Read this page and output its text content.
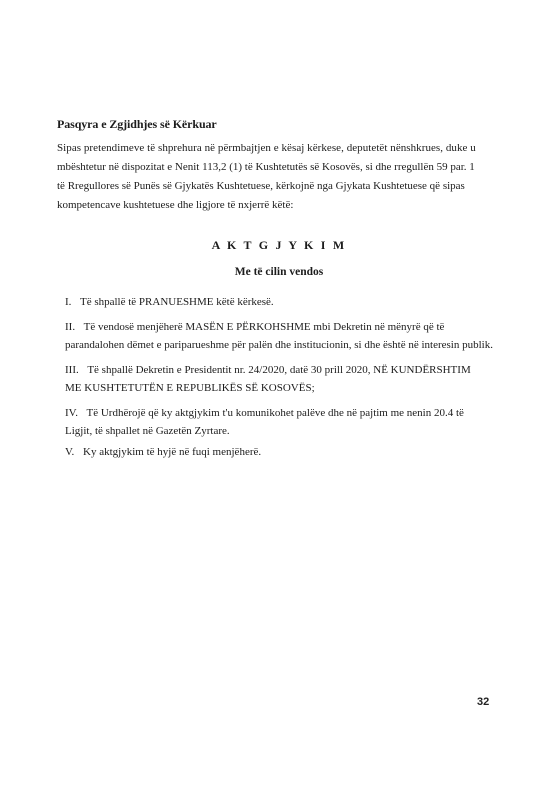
Pasqyra e Zgjidhjes së Kërkuar
Sipas pretendimeve të shprehura në përmbajtjen e kësaj kërkese, deputetët nënshkrues, duke u
mbështetur në dispozitat e Nenit 113,2 (1) të Kushtetutës së Kosovës, si dhe rregullën 59 par. 1
të Rregullores së Punës së Gjykatës Kushtetuese, kërkojnë nga Gjykata Kushtetuese që sipas
kompetencave kushtetuese dhe ligjore të nxjerrë këtë:
A K T G J Y K I M
Me të cilin vendos
I. Të shpallë të PRANUESHME këtë kërkesë.
II. Të vendosë menjëherë MASËN E PËRKOHSHME mbi Dekretin në mënyrë që të
parandalohen dëmet e pariparueshme për palën dhe institucionin, si dhe është në interesin publik.
III. Të shpallë Dekretin e Presidentit nr. 24/2020, datë 30 prill 2020, NË KUNDËRSHTIM
ME KUSHTETUTËN E REPUBLIKËS SË KOSOVËS;
IV. Të Urdhërojë që ky aktgjykim t'u komunikohet palëve dhe në pajtim me nenin 20.4 të
Ligjit, të shpallet në Gazetën Zyrtare.
V. Ky aktgjykim të hyjë në fuqi menjëherë.
32
